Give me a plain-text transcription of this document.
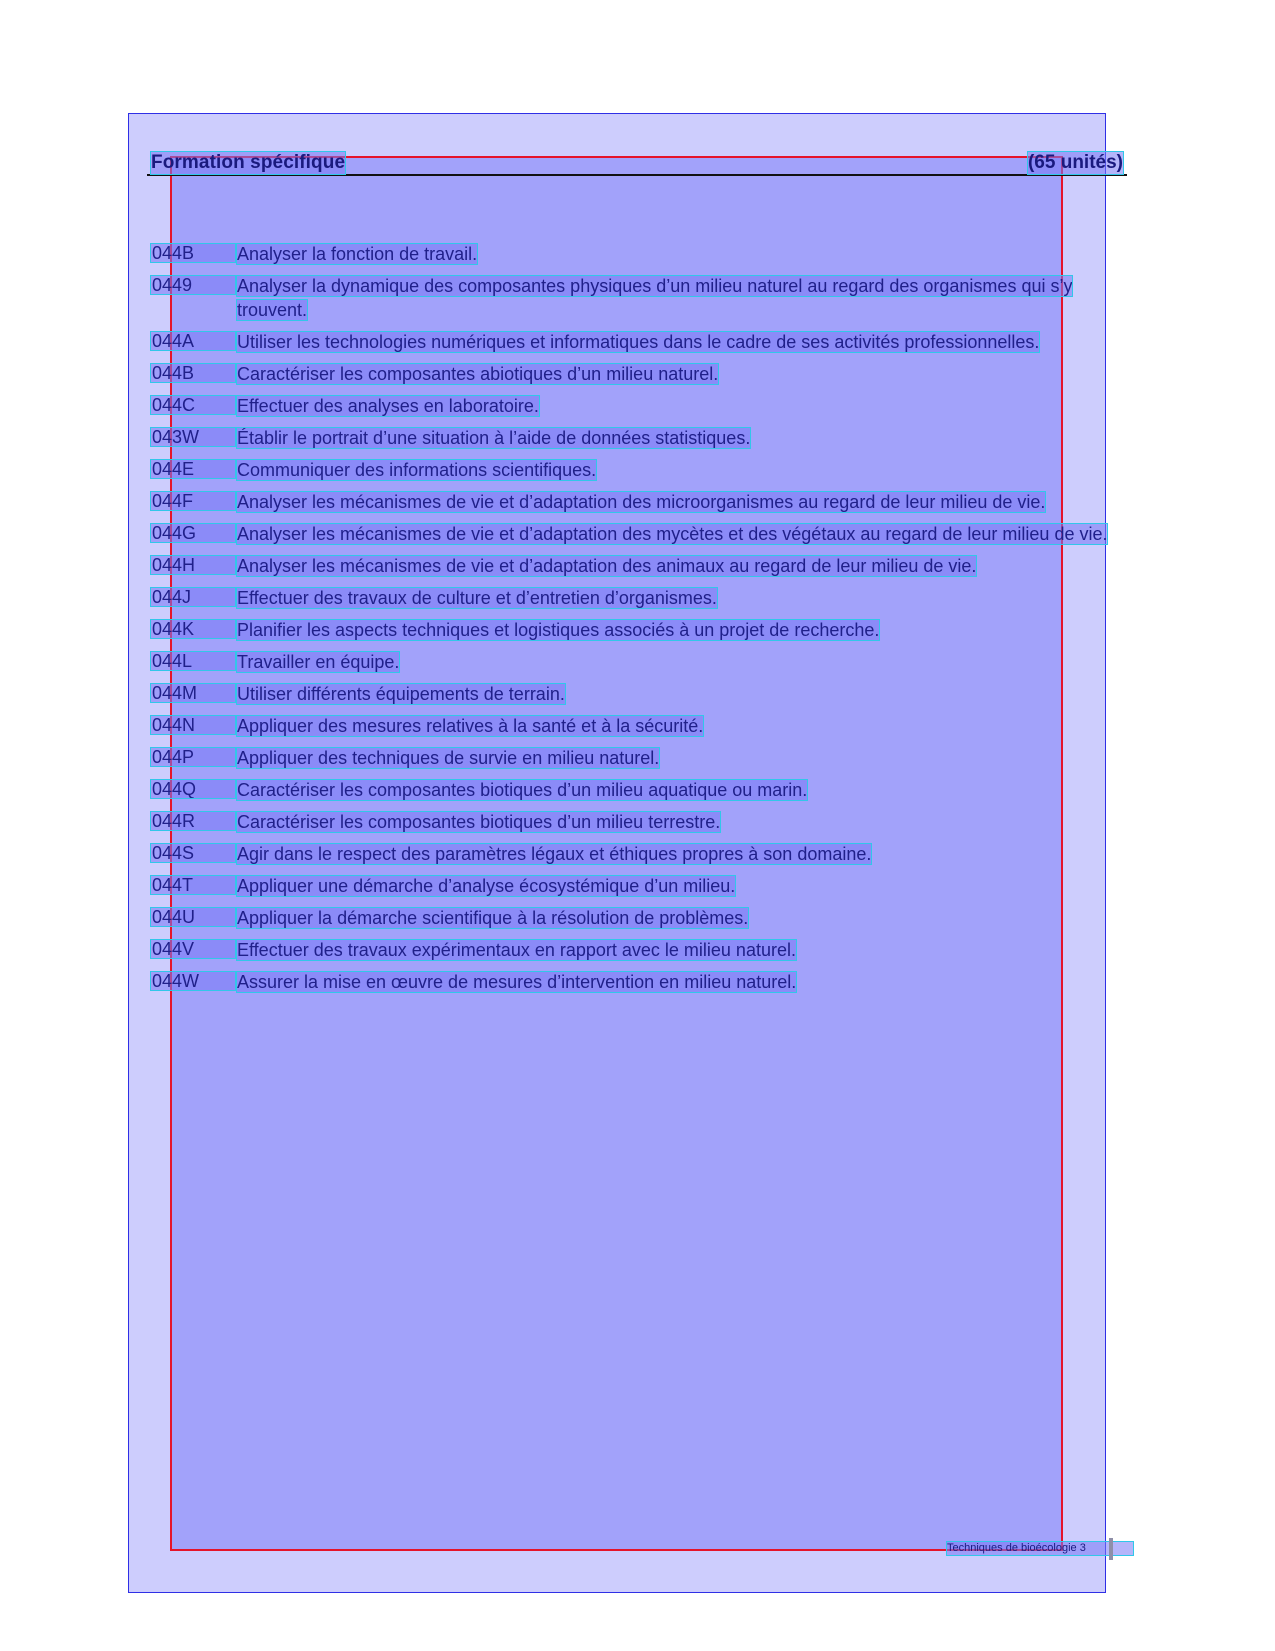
Formation spécifique	(65 unités)
044B	Analyser la fonction de travail.
0449	Analyser la dynamique des composantes physiques d’un milieu naturel au regard des organismes qui s’y trouvent.
044A	Utiliser les technologies numériques et informatiques dans le cadre de ses activités professionnelles.
044B	Caractériser les composantes abiotiques d’un milieu naturel.
044C	Effectuer des analyses en laboratoire.
043W	Établir le portrait d’une situation à l’aide de données statistiques.
044E	Communiquer des informations scientifiques.
044F	Analyser les mécanismes de vie et d’adaptation des microorganismes au regard de leur milieu de vie.
044G	Analyser les mécanismes de vie et d’adaptation des mycètes et des végétaux au regard de leur milieu de vie.
044H	Analyser les mécanismes de vie et d’adaptation des animaux au regard de leur milieu de vie.
044J	Effectuer des travaux de culture et d’entretien d’organismes.
044K	Planifier les aspects techniques et logistiques associés à un projet de recherche.
044L	Travailler en équipe.
044M	Utiliser différents équipements de terrain.
044N	Appliquer des mesures relatives à la santé et à la sécurité.
044P	Appliquer des techniques de survie en milieu naturel.
044Q	Caractériser les composantes biotiques d’un milieu aquatique ou marin.
044R	Caractériser les composantes biotiques d’un milieu terrestre.
044S	Agir dans le respect des paramètres légaux et éthiques propres à son domaine.
044T	Appliquer une démarche d’analyse écosystémique d’un milieu.
044U	Appliquer la démarche scientifique à la résolution de problèmes.
044V	Effectuer des travaux expérimentaux en rapport avec le milieu naturel.
044W	Assurer la mise en œuvre de mesures d’intervention en milieu naturel.
Techniques de bioécologie 3
